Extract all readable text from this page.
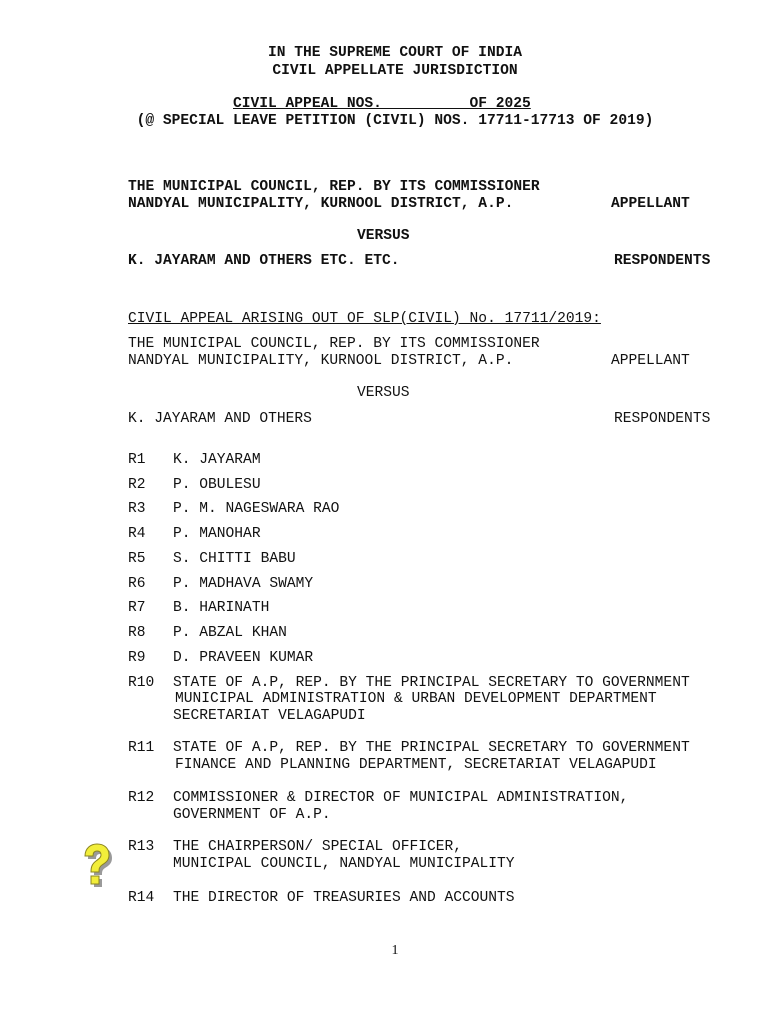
IN THE SUPREME COURT OF INDIA
CIVIL APPELLATE JURISDICTION
CIVIL APPEAL NOS.          OF 2025
(@ SPECIAL LEAVE PETITION (CIVIL) NOS. 17711-17713 OF 2019)
THE MUNICIPAL COUNCIL, REP. BY ITS COMMISSIONER
NANDYAL MUNICIPALITY, KURNOOL DISTRICT, A.P.	APPELLANT
VERSUS
K. JAYARAM AND OTHERS ETC. ETC.	RESPONDENTS
CIVIL APPEAL ARISING OUT OF SLP(CIVIL) No. 17711/2019:
THE MUNICIPAL COUNCIL, REP. BY ITS COMMISSIONER
NANDYAL MUNICIPALITY, KURNOOL DISTRICT, A.P.	APPELLANT
VERSUS
K. JAYARAM AND OTHERS	RESPONDENTS
R1 K. JAYARAM
R2 P. OBULESU
R3 P. M. NAGESWARA RAO
R4 P. MANOHAR
R5 S. CHITTI BABU
R6 P. MADHAVA SWAMY
R7 B. HARINATH
R8 P. ABZAL KHAN
R9 D. PRAVEEN KUMAR
R10 STATE OF A.P, REP. BY THE PRINCIPAL SECRETARY TO GOVERNMENT
MUNICIPAL ADMINISTRATION & URBAN DEVELOPMENT DEPARTMENT
SECRETARIAT VELAGAPUDI
R11 STATE OF A.P, REP. BY THE PRINCIPAL SECRETARY TO GOVERNMENT
FINANCE AND PLANNING DEPARTMENT, SECRETARIAT VELAGAPUDI
R12 COMMISSIONER & DIRECTOR OF MUNICIPAL ADMINISTRATION,
GOVERNMENT OF A.P.
R13 THE CHAIRPERSON/ SPECIAL OFFICER,
MUNICIPAL COUNCIL, NANDYAL MUNICIPALITY
R14 THE DIRECTOR OF TREASURIES AND ACCOUNTS
1
